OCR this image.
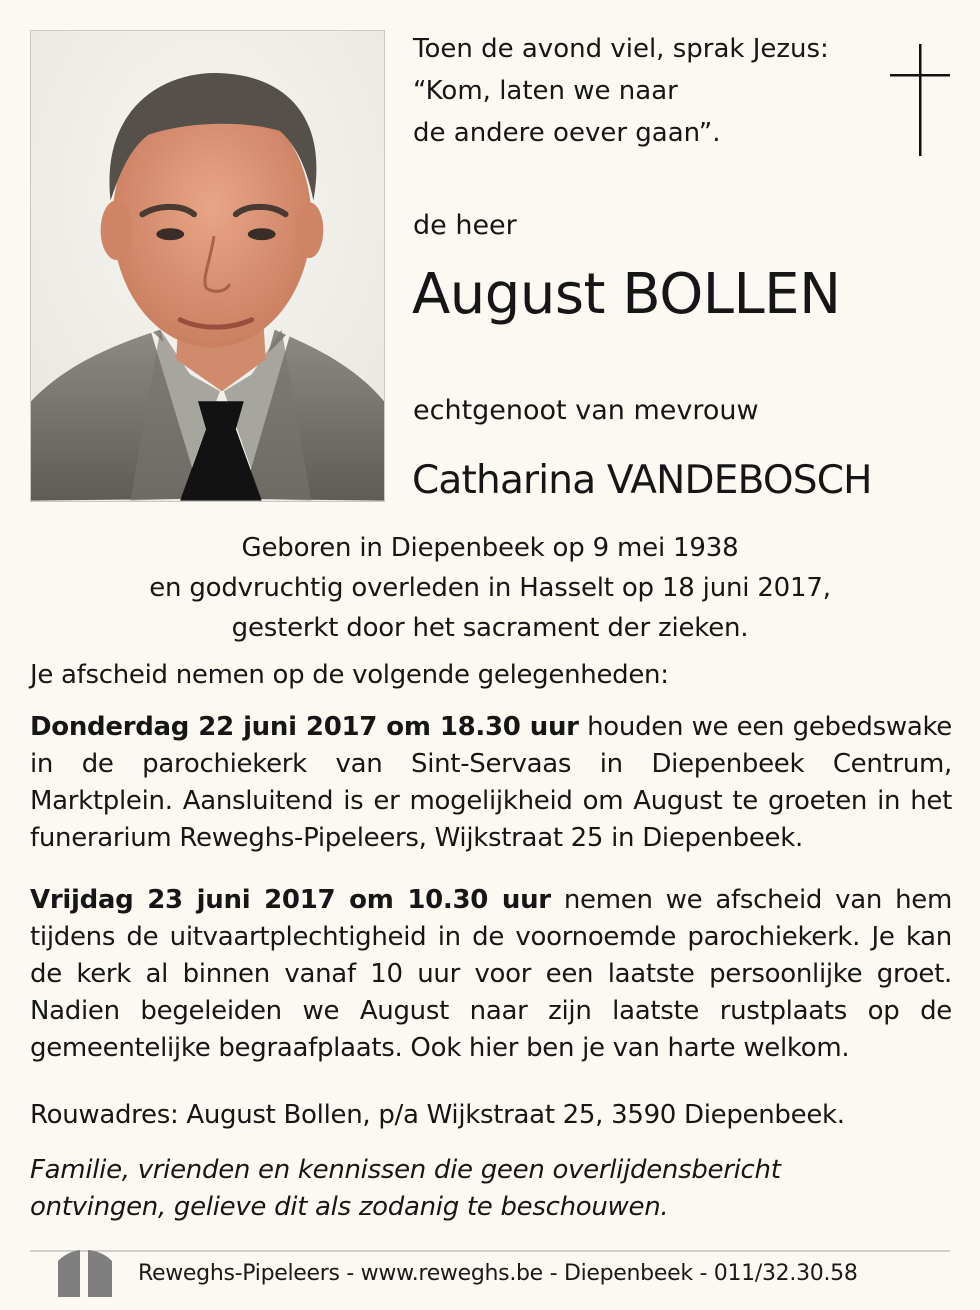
Toen de avond viel, sprak Jezus:
“Kom, laten we naar
de andere oever gaan”.

de heer

August BOLLEN

echtgenoot van mevrouw

Catharina VANDEBOSCH

Geboren in Diepenbeek op 9 mei 1938
en godvruchtig overleden in Hasselt op 18 juni 2017,
gesterkt door het sacrament der zieken.

Je afscheid nemen op de volgende gelegenheden:

Donderdag 22 juni 2017 om 18.30 uur houden we een gebedswake in de parochiekerk van Sint-Servaas in Diepenbeek Centrum, Marktplein. Aansluitend is er mogelijkheid om August te groeten in het funerarium Reweghs-Pipeleers, Wijkstraat 25 in Diepenbeek.

Vrijdag 23 juni 2017 om 10.30 uur nemen we afscheid van hem tijdens de uitvaartplechtigheid in de voornoemde parochiekerk. Je kan de kerk al binnen vanaf 10 uur voor een laatste persoonlijke groet. Nadien begeleiden we August naar zijn laatste rustplaats op de gemeentelijke begraafplaats. Ook hier ben je van harte welkom.

Rouwadres: August Bollen, p/a Wijkstraat 25, 3590 Diepenbeek.

Familie, vrienden en kennissen die geen overlijdensbericht
ontvingen, gelieve dit als zodanig te beschouwen.

Reweghs-Pipeleers - www.reweghs.be - Diepenbeek - 011/32.30.58
